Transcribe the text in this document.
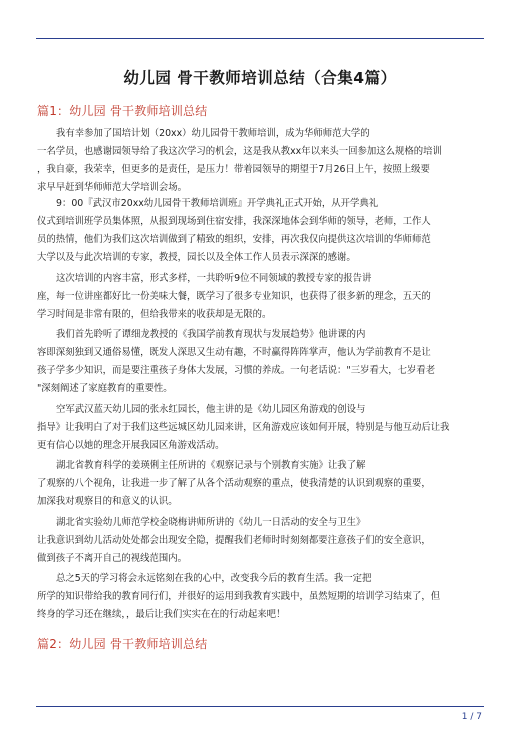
幼儿园 骨干教师培训总结（合集4篇）
篇1：幼儿园 骨干教师培训总结
我有幸参加了国培计划（20xx）幼儿园骨干教师培训，成为华师师范大学的
一名学员，也感谢园领导给了我这次学习的机会，这是我从教xx年以来头一回参加这么规格的培训
，我自豪，我荣幸，但更多的是责任，是压力！带着园领导的期望于7月26日上午，按照上级要
求早早赶到华师师范大学培训会场。
9：00『武汉市20xx幼儿园骨干教师培训班』开学典礼正式开始，从开学典礼
仪式到培训班学员集体照，从报到现场到住宿安排，我深深地体会到华师的领导，老师，工作人
员的热情，他们为我们这次培训做到了精致的组织，安排，再次我仅向提供这次培训的华师师范
大学以及与此次培训的专家，教授，园长以及全体工作人员表示深深的感谢。
这次培训的内容丰富，形式多样，一共聆听9位不同领域的教授专家的报告讲
座，每一位讲座都好比一份美味大餐，既学习了很多专业知识，也获得了很多新的理念，五天的
学习时间是非常有限的，但给我带来的收获却是无限的。
我们首先聆听了谭细龙教授的《我国学前教育现状与发展趋势》他讲课的内
容即深刻独到又通俗易懂，既发人深思又生动有趣，不时赢得阵阵掌声，他认为学前教育不是让
孩子学多少知识，而是要注重孩子身体大发展，习惯的养成。一句老话说："三岁看大，七岁看老
"深刻阐述了家庭教育的重要性。
空军武汉蓝天幼儿园的张永红园长，他主讲的是《幼儿园区角游戏的创设与
指导》让我明白了对于我们这些远城区幼儿园来讲，区角游戏应该如何开展，特别是与他互动后让我
更有信心以她的理念开展我园区角游戏活动。
湖北省教育科学的姜瑛俐主任所讲的《观察记录与个别教育实施》让我了解
了观察的八个视角，让我进一步了解了从各个活动观察的重点，使我清楚的认识到观察的重要，
加深我对观察目的和意义的认识。
湖北省实验幼儿师范学校金晓梅讲师所讲的《幼儿一日活动的安全与卫生》
让我意识到幼儿活动处处都会出现安全隐，提醒我们老师时时刻刻都要注意孩子们的安全意识，
做到孩子不离开自己的视线范围内。
总之5天的学习将会永远铭刻在我的心中，改变我今后的教育生活。我一定把
所学的知识带给我的教育同行们，并很好的运用到我教育实践中，虽然短期的培训学习结束了，但
终身的学习还在继续，，最后让我们实实在在的行动起来吧！
篇2：幼儿园 骨干教师培训总结
1 / 7
